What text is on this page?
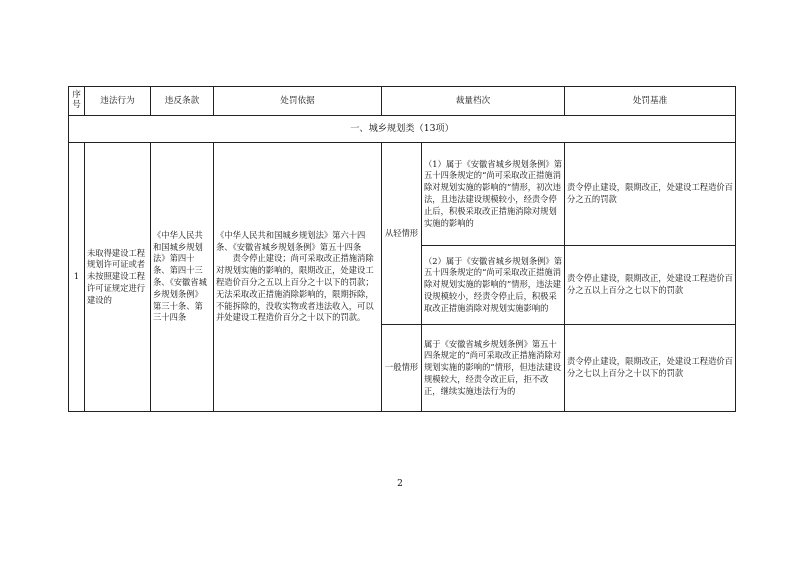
序号	违法行为	违反条款	处罚依据	裁量档次		处罚基准
一、城乡规划类（13项）						
1	未取得建设工程规划许可证或者未按照建设工程许可证规定进行建设的	《中华人民共和国城乡规划法》第四十条、第四十三条、《安徽省城乡规划条例》第三十条、第三十四条	《中华人民共和国城乡规划法》第六十四条、《安徽省城乡规划条例》第五十四条
责令停止建设；尚可采取改正措施消除对规划实施的影响的，限期改正，处建设工程造价百分之五以上百分之十以下的罚款；无法采取改正措施消除影响的，限期拆除，不能拆除的，没收实物或者违法收入，可以并处建设工程造价百分之十以下的罚款。	从轻情形	（1）属于《安徽省城乡规划条例》第五十四条规定的“尚可采取改正措施消除对规划实施的影响的”情形，初次违法，且违法建设规模较小，经责令停止后，积极采取改正措施消除对规划实施的影响的	责令停止建设，限期改正，处建设工程造价百分之五的罚款
					（2）属于《安徽省城乡规划条例》第五十四条规定的“尚可采取改正措施消除对规划实施的影响的”情形，违法建设规模较小，经责令停止后，积极采取改正措施消除对规划实施影响的	责令停止建设，限期改正，处建设工程造价百分之五以上百分之七以下的罚款
				一般情形	属于《安徽省城乡规划条例》第五十四条规定的“尚可采取改正措施消除对规划实施的影响的”情形，但违法建设规模较大，经责令改正后，拒不改正，继续实施违法行为的	责令停止建设，限期改正，处建设工程造价百分之七以上百分之十以下的罚款
2
